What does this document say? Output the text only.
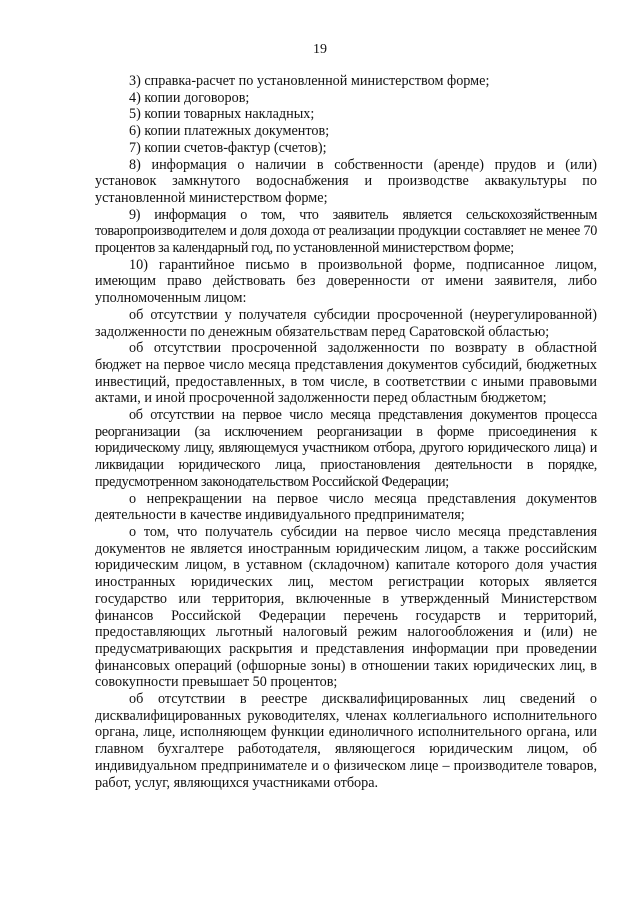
19

3) справка-расчет по установленной министерством форме;

4) копии договоров;

5) копии товарных накладных;

6) копии платежных документов;

7) копии счетов-фактур (счетов);

8) информация о наличии в собственности (аренде) прудов и (или) установок замкнутого водоснабжения и производстве аквакультуры по установленной министерством форме;

9) информация о том, что заявитель является сельскохозяйственным товаропроизводителем и доля дохода от реализации продукции составляет не менее 70 процентов за календарный год, по установленной министерством форме;

10) гарантийное письмо в произвольной форме, подписанное лицом, имеющим право действовать без доверенности от имени заявителя, либо уполномоченным лицом:

об отсутствии у получателя субсидии просроченной (неурегулированной) задолженности по денежным обязательствам перед Саратовской областью;

об отсутствии просроченной задолженности по возврату в областной бюджет на первое число месяца представления документов субсидий, бюджетных инвестиций, предоставленных, в том числе, в соответствии с иными правовыми актами, и иной просроченной задолженности перед областным бюджетом;

об отсутствии на первое число месяца представления документов процесса реорганизации (за исключением реорганизации в форме присоединения к юридическому лицу, являющемуся участником отбора, другого юридического лица) и ликвидации юридического лица, приостановления деятельности в порядке, предусмотренном законодательством Российской Федерации;

о непрекращении на первое число месяца представления документов деятельности в качестве индивидуального предпринимателя;

о том, что получатель субсидии на первое число месяца представления документов не является иностранным юридическим лицом, а также российским юридическим лицом, в уставном (складочном) капитале которого доля участия иностранных юридических лиц, местом регистрации которых является государство или территория, включенные в утвержденный Министерством финансов Российской Федерации перечень государств и территорий, предоставляющих льготный налоговый режим налогообложения и (или) не предусматривающих раскрытия и представления информации при проведении финансовых операций (офшорные зоны) в отношении таких юридических лиц, в совокупности превышает 50 процентов;

об отсутствии в реестре дисквалифицированных лиц сведений о дисквалифицированных руководителях, членах коллегиального исполнительного органа, лице, исполняющем функции единоличного исполнительного органа, или главном бухгалтере работодателя, являющегося юридическим лицом, об индивидуальном предпринимателе и о физическом лице – производителе товаров, работ, услуг, являющихся участниками отбора.
